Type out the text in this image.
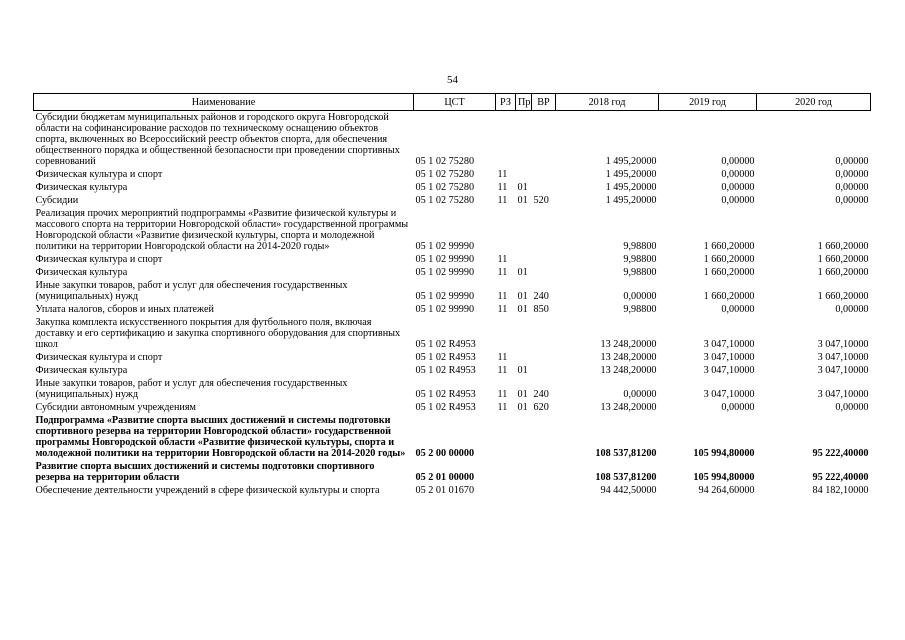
54
Наименование	ЦСТ	РЗ	Пр	ВР	2018 год	2019 год	2020 год
Субсидии бюджетам муниципальных районов и городского округа Новгородской области на софинансирование расходов по техническому оснащению объектов спорта, включенных во Всероссийский реестр объектов спорта, для обеспечения общественного порядка и общественной безопасности при проведении спортивных соревнований	05 1 02 75280				1 495,20000	0,00000	0,00000
Физическая культура и спорт	05 1 02 75280	11			1 495,20000	0,00000	0,00000
Физическая культура	05 1 02 75280	11	01		1 495,20000	0,00000	0,00000
Субсидии	05 1 02 75280	11	01	520	1 495,20000	0,00000	0,00000
Реализация прочих мероприятий подпрограммы «Развитие физической культуры и массового спорта на территории Новгородской области» государственной программы Новгородской области «Развитие физической культуры, спорта и молодежной политики на территории Новгородской области на 2014-2020 годы»	05 1 02 99990				9,98800	1 660,20000	1 660,20000
Физическая культура и спорт	05 1 02 99990	11			9,98800	1 660,20000	1 660,20000
Физическая культура	05 1 02 99990	11	01		9,98800	1 660,20000	1 660,20000
Иные закупки товаров, работ и услуг для обеспечения государственных (муниципальных) нужд	05 1 02 99990	11	01	240	0,00000	1 660,20000	1 660,20000
Уплата налогов, сборов и иных платежей	05 1 02 99990	11	01	850	9,98800	0,00000	0,00000
Закупка комплекта искусственного покрытия для футбольного поля, включая доставку и его сертификацию и закупка спортивного оборудования для спортивных школ	05 1 02 R4953				13 248,20000	3 047,10000	3 047,10000
Физическая культура и спорт	05 1 02 R4953	11			13 248,20000	3 047,10000	3 047,10000
Физическая культура	05 1 02 R4953	11	01		13 248,20000	3 047,10000	3 047,10000
Иные закупки товаров, работ и услуг для обеспечения государственных (муниципальных) нужд	05 1 02 R4953	11	01	240	0,00000	3 047,10000	3 047,10000
Субсидии автономным учреждениям	05 1 02 R4953	11	01	620	13 248,20000	0,00000	0,00000
Подпрограмма «Развитие спорта высших достижений и системы подготовки спортивного резерва на территории Новгородской области» государственной программы Новгородской области «Развитие физической культуры, спорта и молодежной политики на территории Новгородской области на 2014-2020 годы»	05 2 00 00000				108 537,81200	105 994,80000	95 222,40000
Развитие спорта высших достижений и системы подготовки спортивного резерва на территории области	05 2 01 00000				108 537,81200	105 994,80000	95 222,40000
Обеспечение деятельности учреждений в сфере физической культуры и спорта	05 2 01 01670				94 442,50000	94 264,60000	84 182,10000
